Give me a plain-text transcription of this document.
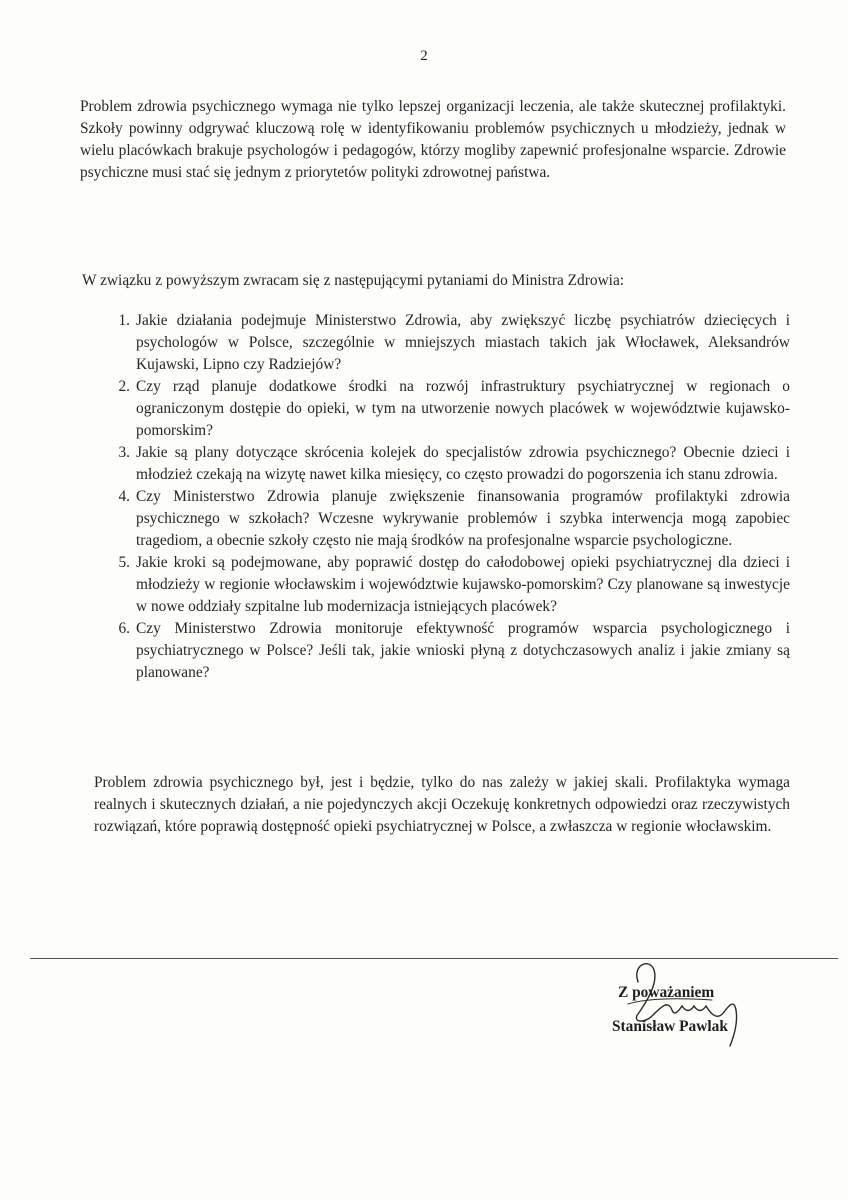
2

Problem zdrowia psychicznego wymaga nie tylko lepszej organizacji leczenia, ale także skutecznej profilaktyki. Szkoły powinny odgrywać kluczową rolę w identyfikowaniu problemów psychicznych u młodzieży, jednak w wielu placówkach brakuje psychologów i pedagogów, którzy mogliby zapewnić profesjonalne wsparcie. Zdrowie psychiczne musi stać się jednym z priorytetów polityki zdrowotnej państwa.

W związku z powyższym zwracam się z następującymi pytaniami do Ministra Zdrowia:

1. Jakie działania podejmuje Ministerstwo Zdrowia, aby zwiększyć liczbę psychiatrów dziecięcych i psychologów w Polsce, szczególnie w mniejszych miastach takich jak Włocławek, Aleksandrów Kujawski, Lipno czy Radziejów?
2. Czy rząd planuje dodatkowe środki na rozwój infrastruktury psychiatrycznej w regionach o ograniczonym dostępie do opieki, w tym na utworzenie nowych placówek w województwie kujawsko-pomorskim?
3. Jakie są plany dotyczące skrócenia kolejek do specjalistów zdrowia psychicznego? Obecnie dzieci i młodzież czekają na wizytę nawet kilka miesięcy, co często prowadzi do pogorszenia ich stanu zdrowia.
4. Czy Ministerstwo Zdrowia planuje zwiększenie finansowania programów profilaktyki zdrowia psychicznego w szkołach? Wczesne wykrywanie problemów i szybka interwencja mogą zapobiec tragediom, a obecnie szkoły często nie mają środków na profesjonalne wsparcie psychologiczne.
5. Jakie kroki są podejmowane, aby poprawić dostęp do całodobowej opieki psychiatrycznej dla dzieci i młodzieży w regionie włocławskim i województwie kujawsko-pomorskim? Czy planowane są inwestycje w nowe oddziały szpitalne lub modernizacja istniejących placówek?
6. Czy Ministerstwo Zdrowia monitoruje efektywność programów wsparcia psychologicznego i psychiatrycznego w Polsce? Jeśli tak, jakie wnioski płyną z dotychczasowych analiz i jakie zmiany są planowane?

Problem zdrowia psychicznego był, jest i będzie, tylko do nas zależy w jakiej skali. Profilaktyka wymaga realnych i skutecznych działań, a nie pojedynczych akcji Oczekuję konkretnych odpowiedzi oraz rzeczywistych rozwiązań, które poprawią dostępność opieki psychiatrycznej w Polsce, a zwłaszcza w regionie włocławskim.

Z poważaniem
Stanisław Pawlak
